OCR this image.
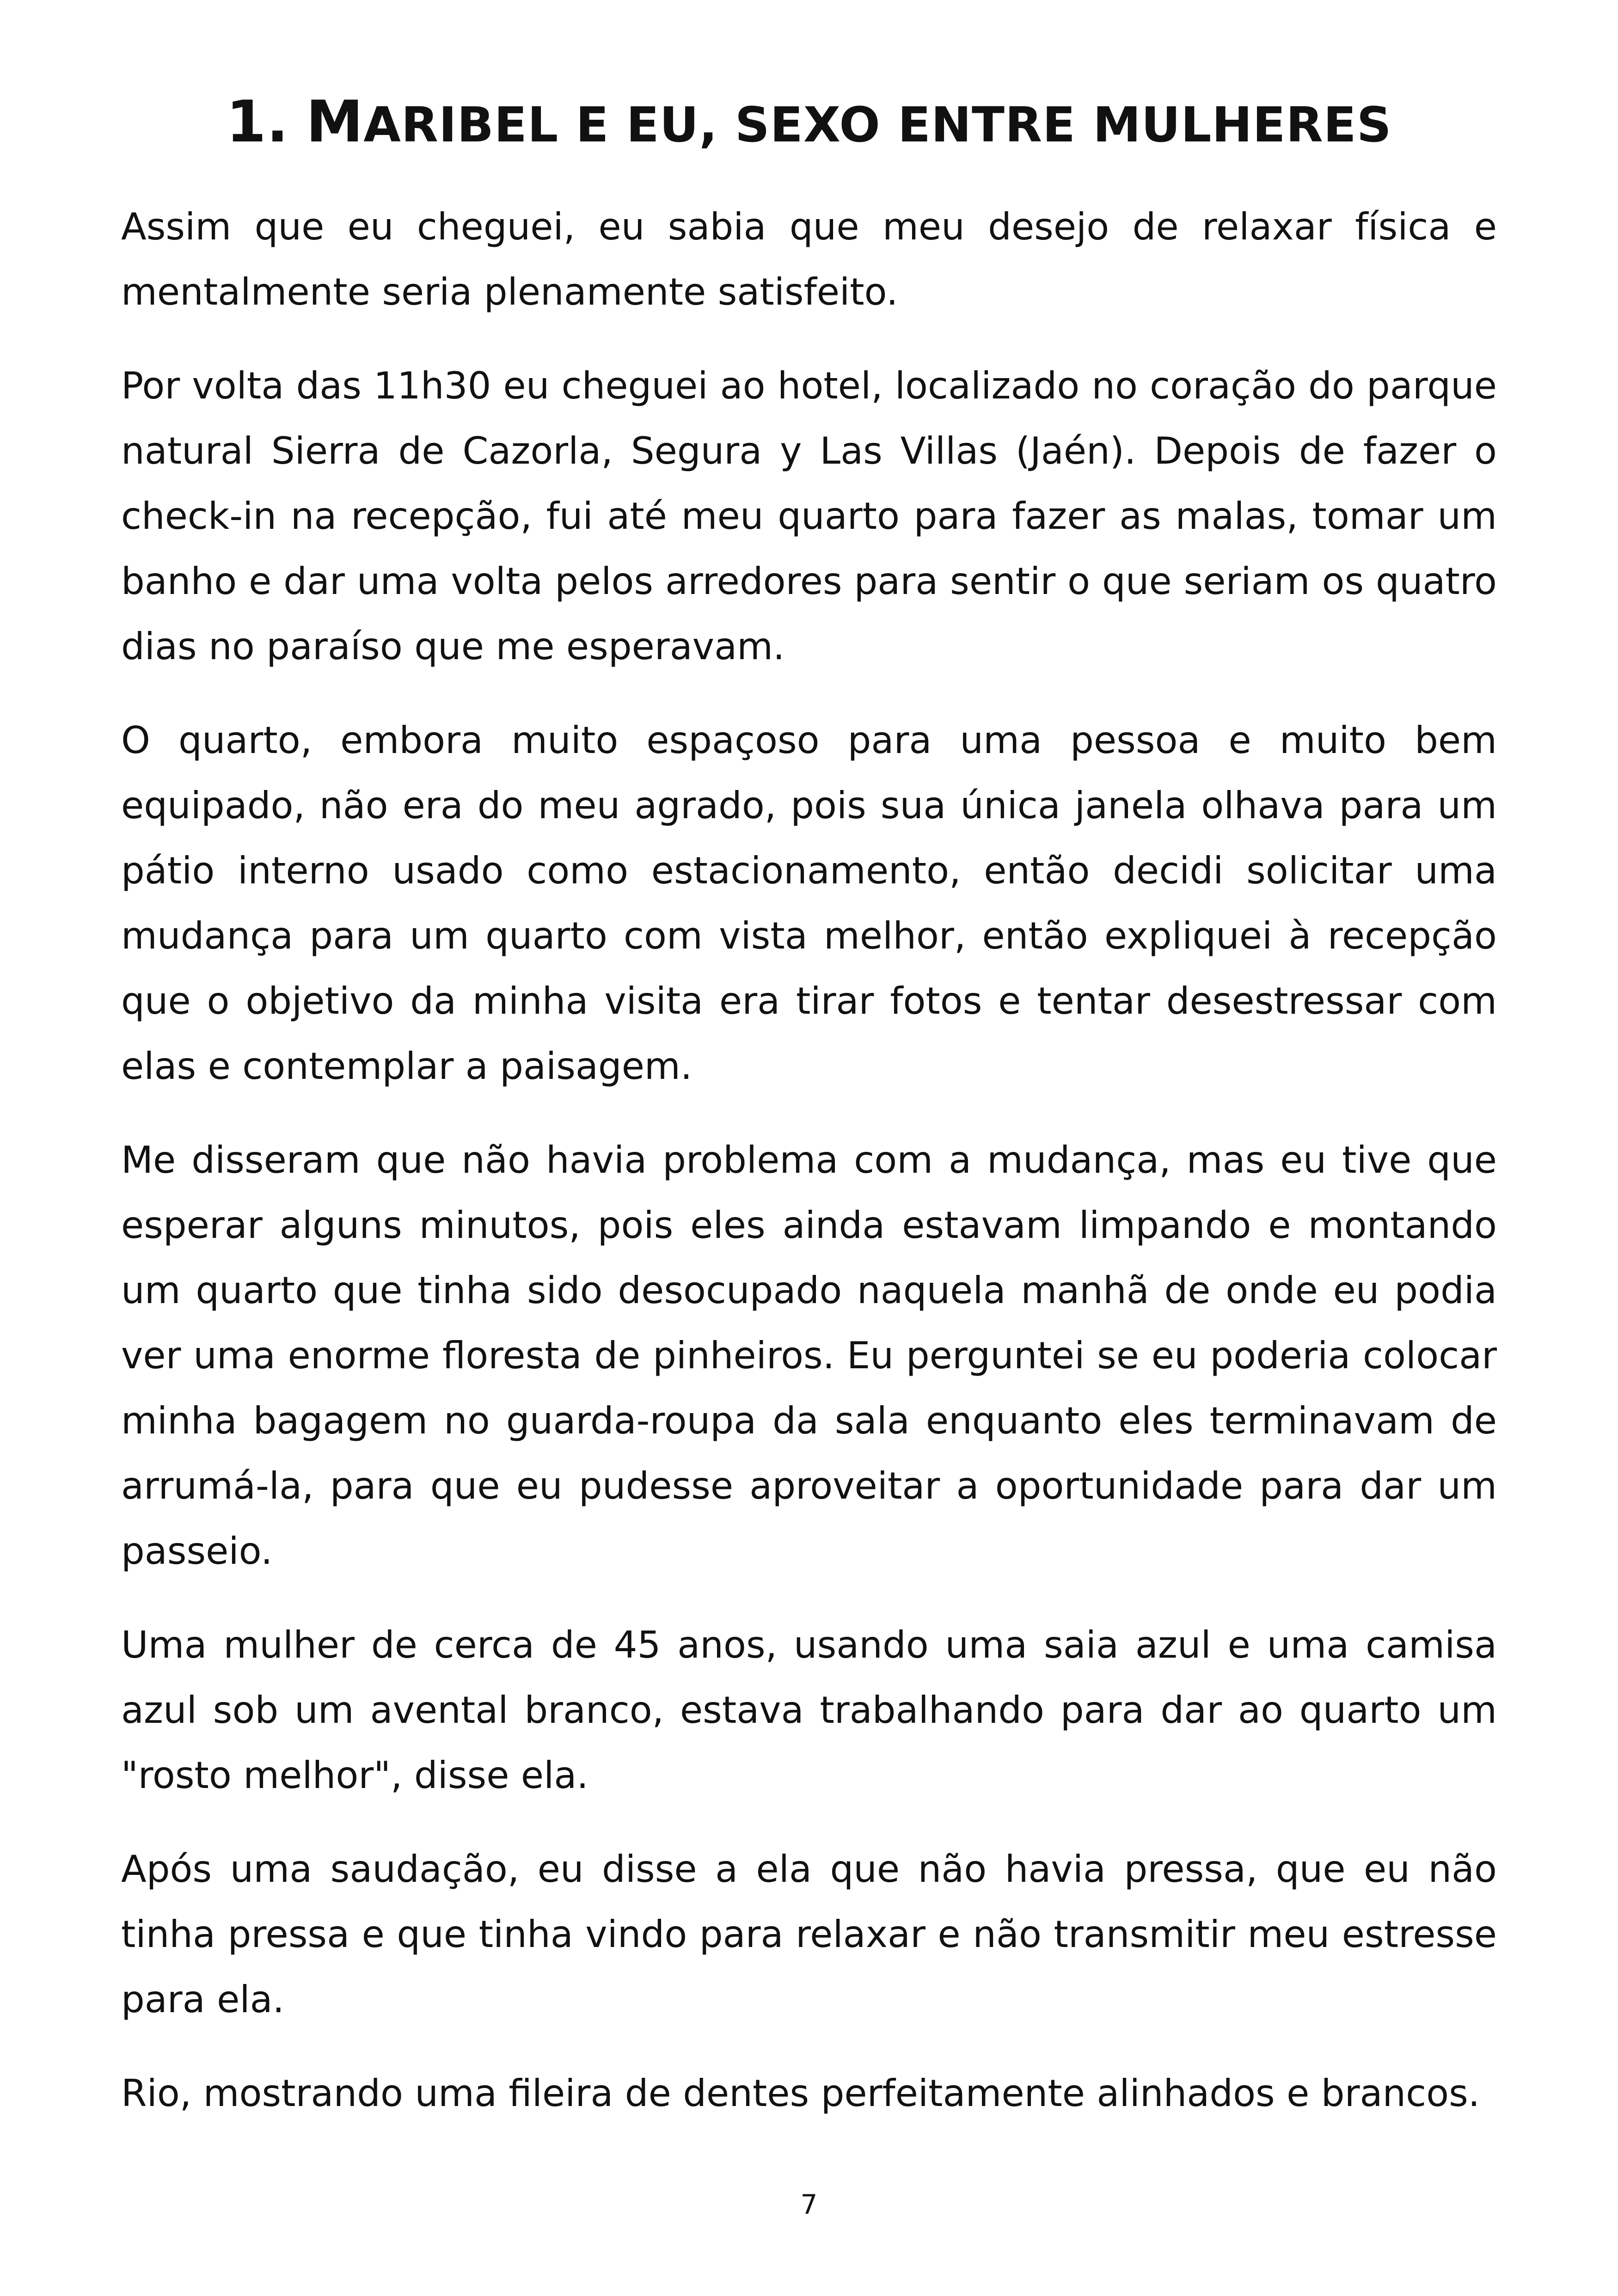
1. MARIBEL E EU, SEXO ENTRE MULHERES

Assim que eu cheguei, eu sabia que meu desejo de relaxar física e mentalmente seria plenamente satisfeito.

Por volta das 11h30 eu cheguei ao hotel, localizado no coração do parque natural Sierra de Cazorla, Segura y Las Villas (Jaén). Depois de fazer o check-in na recepção, fui até meu quarto para fazer as malas, tomar um banho e dar uma volta pelos arredores para sentir o que seriam os quatro dias no paraíso que me esperavam.

O quarto, embora muito espaçoso para uma pessoa e muito bem equipado, não era do meu agrado, pois sua única janela olhava para um pátio interno usado como estacionamento, então decidi solicitar uma mudança para um quarto com vista melhor, então expliquei à recepção que o objetivo da minha visita era tirar fotos e tentar desestressar com elas e contemplar a paisagem.

Me disseram que não havia problema com a mudança, mas eu tive que esperar alguns minutos, pois eles ainda estavam limpando e montando um quarto que tinha sido desocupado naquela manhã de onde eu podia ver uma enorme floresta de pinheiros. Eu perguntei se eu poderia colocar minha bagagem no guarda-roupa da sala enquanto eles terminavam de arrumá-la, para que eu pudesse aproveitar a oportunidade para dar um passeio.

Uma mulher de cerca de 45 anos, usando uma saia azul e uma camisa azul sob um avental branco, estava trabalhando para dar ao quarto um "rosto melhor", disse ela.

Após uma saudação, eu disse a ela que não havia pressa, que eu não tinha pressa e que tinha vindo para relaxar e não transmitir meu estresse para ela.

Rio, mostrando uma fileira de dentes perfeitamente alinhados e brancos.

7
